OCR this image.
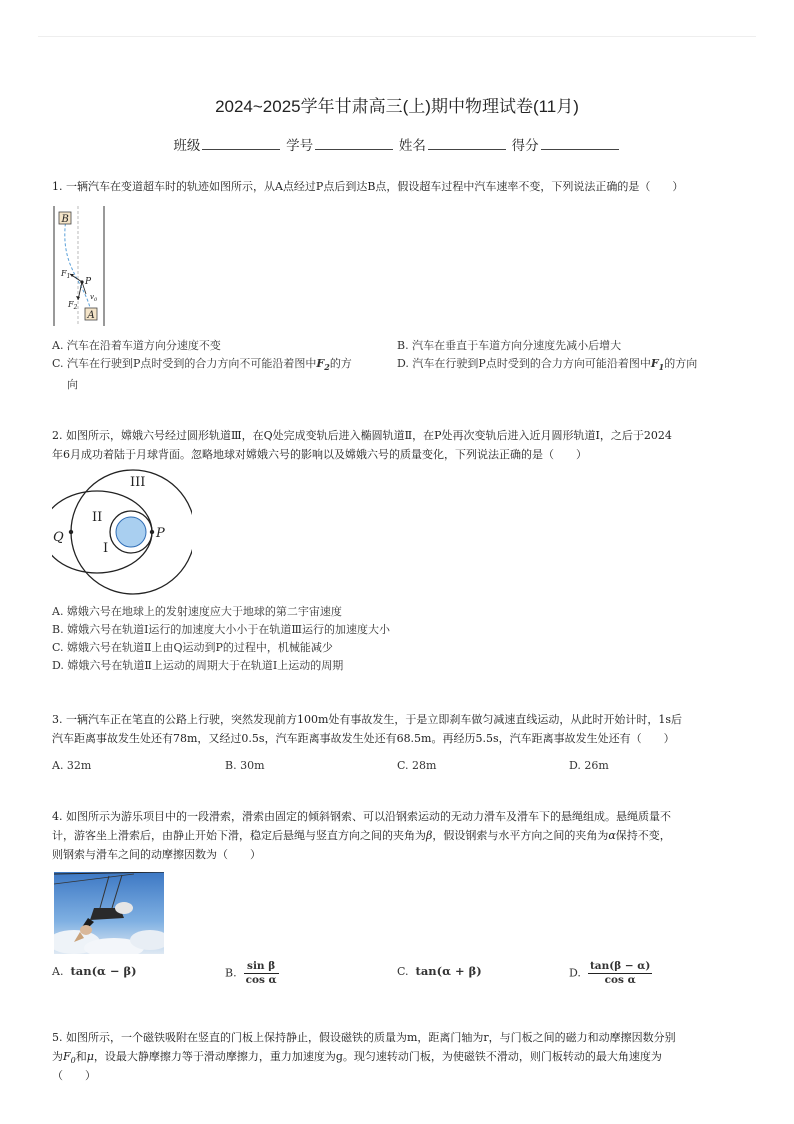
2024~2025学年甘肃高三(上)期中物理试卷(11月)
班级	学号	姓名	得分
1. 一辆汽车在变道超车时的轨迹如图所示，从A点经过P点后到达B点，假设超车过程中汽车速率不变，下列说法正确的是（　　）
B
A
P
$F_1$
$F_2$
$v_0$
A. 汽车在沿着车道方向分速度不变	B. 汽车在垂直于车道方向分速度先减小后增大
C. 汽车在行驶到P点时受到的合力方向不可能沿着图中$F_2$的方
向
D. 汽车在行驶到P点时受到的合力方向可能沿着图中$F_1$的方向
2. 如图所示，嫦娥六号经过圆形轨道Ⅲ，在Q处完成变轨后进入椭圆轨道Ⅱ，在P处再次变轨后进入近月圆形轨道Ⅰ，之后于2024
年6月成功着陆于月球背面。忽略地球对嫦娥六号的影响以及嫦娥六号的质量变化，下列说法正确的是（　　）
III
II
I
Q	P
A. 嫦娥六号在地球上的发射速度应大于地球的第二宇宙速度
B. 嫦娥六号在轨道Ⅰ运行的加速度大小小于在轨道Ⅲ运行的加速度大小
C. 嫦娥六号在轨道Ⅱ上由Q运动到P的过程中，机械能减少
D. 嫦娥六号在轨道Ⅱ上运动的周期大于在轨道Ⅰ上运动的周期
3. 一辆汽车正在笔直的公路上行驶，突然发现前方100m处有事故发生，于是立即刹车做匀减速直线运动，从此时开始计时，1s后
汽车距离事故发生处还有78m，又经过0.5s，汽车距离事故发生处还有68.5m。再经历5.5s，汽车距离事故发生处还有（　　）
A. 32m	B. 30m	C. 28m	D. 26m
4. 如图所示为游乐项目中的一段滑索，滑索由固定的倾斜钢索、可以沿钢索运动的无动力滑车及滑车下的悬绳组成。悬绳质量不
计，游客坐上滑索后，由静止开始下滑，稳定后悬绳与竖直方向之间的夹角为β，假设钢索与水平方向之间的夹角为α保持不变，
则钢索与滑车之间的动摩擦因数为（　　）
A. tan(α − β)	B. $\frac{\text{sin β}}{\text{cos α}}$	C. tan(α + β)	D. $\frac{\tan(\beta - \alpha)}{\text{cos α}}$
5. 如图所示，一个磁铁吸附在竖直的门板上保持静止，假设磁铁的质量为m，距离门轴为r，与门板之间的磁力和动摩擦因数分别
为$F_0$和μ，设最大静摩擦力等于滑动摩擦力，重力加速度为g。现匀速转动门板，为使磁铁不滑动，则门板转动的最大角速度为
（　　）
